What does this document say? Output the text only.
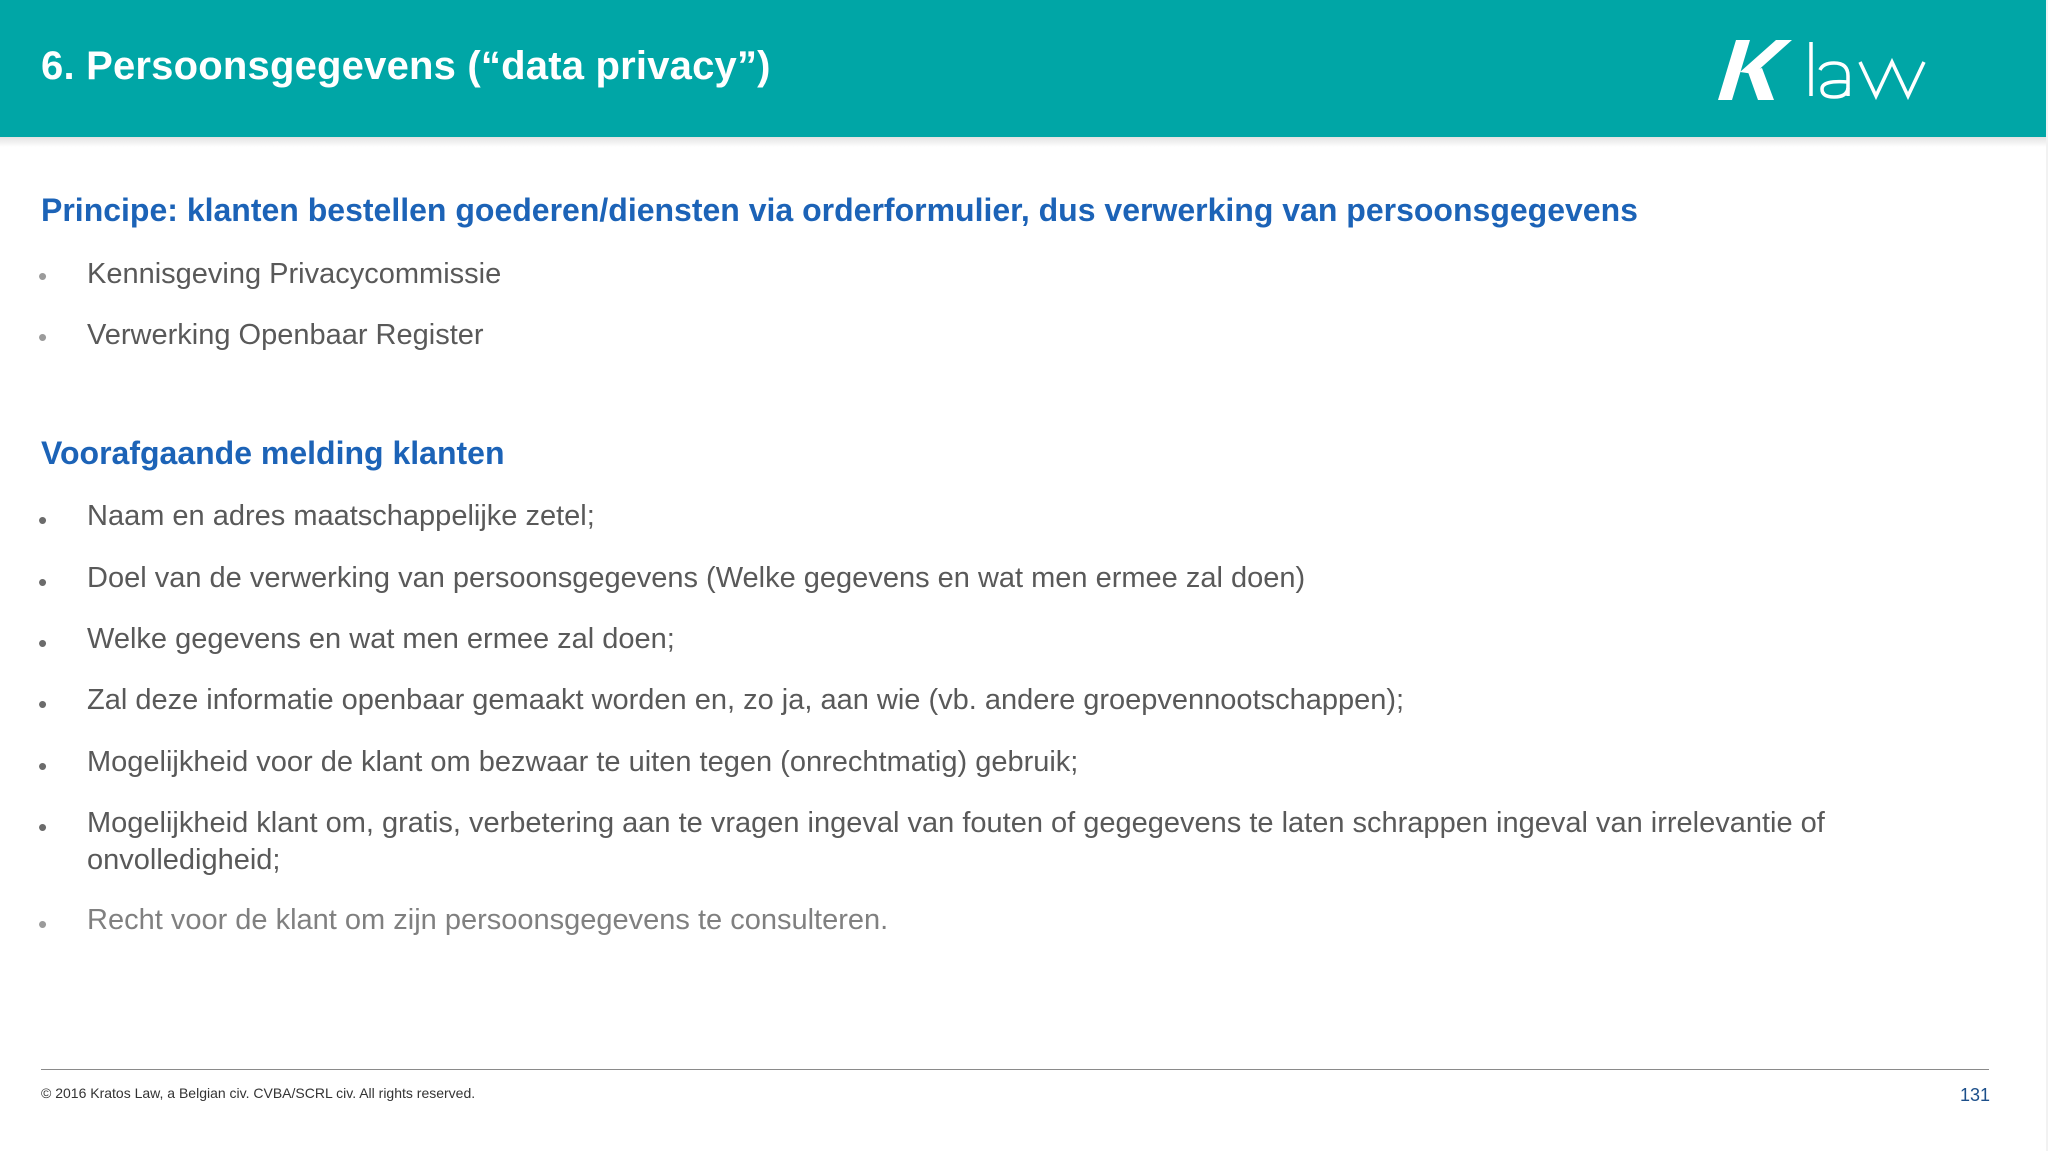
6. Persoonsgegevens (“data privacy”)
Principe: klanten bestellen goederen/diensten via orderformulier, dus verwerking van persoonsgegevens
• Kennisgeving Privacycommissie
• Verwerking Openbaar Register
Voorafgaande melding klanten
• Naam en adres maatschappelijke zetel;
• Doel van de verwerking van persoonsgegevens (Welke gegevens en wat men ermee zal doen)
• Welke gegevens en wat men ermee zal doen;
• Zal deze informatie openbaar gemaakt worden en, zo ja, aan wie (vb. andere groepvennootschappen);
• Mogelijkheid voor de klant om bezwaar te uiten tegen (onrechtmatig) gebruik;
• Mogelijkheid klant om, gratis, verbetering aan te vragen ingeval van fouten of gegegevens te laten schrappen ingeval van irrelevantie of onvolledigheid;
• Recht voor de klant om zijn persoonsgegevens te consulteren.
© 2016 Kratos Law, a Belgian civ. CVBA/SCRL civ. All rights reserved.	131
